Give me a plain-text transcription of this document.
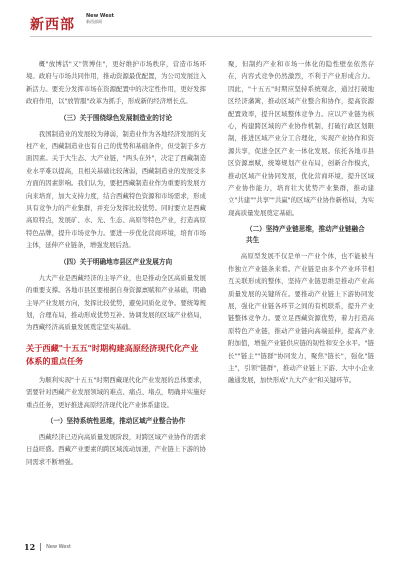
新西部
New West
新西部网

概"放博活"又"管博住"，更好维护市场秩序，营造市场环境。政府与市场共同作用，推动资源最优配置，为公司发展注入新活力。要充分发挥市场在资源配置中的决定性作用，更好发挥政府作用，以"放管服"改革为抓手，形成新的经济增长点。

（三）关于围绕绿色发展制造业的讨论

我国制造业的发展较为薄弱，制造业作为各地经济发展的支柱产业，西藏制造业也有自己的优势和基础条件，但受制于多方面因素。关于大生态、大产业链，"两头在外"，决定了西藏制造业水平难以提高，且相关基础比较薄弱，西藏制造业的发展受多方面的因素影响。我们认为，要把西藏制造业作为重要的发展方向来培育，加大支持力度，结合西藏特色资源和市场需求，形成具有竞争力的产业集群，并充分发挥比较优势。同时要立足西藏高原特点，发展矿、水、光、生态、高原等特色产业，打造高原特色品牌，提升市场竞争力。要进一步优化营商环境，培育市场主体，延伸产业链条，增强发展后劲。

（四）关于明确地市县区产业发展方向

九大产业是西藏经济的主导产业，也是推动全区高质量发展的重要支撑。各地市县区要根据自身资源禀赋和产业基础，明确主导产业发展方向，发挥比较优势，避免同质化竞争。要统筹规划，合理布局，推动形成优势互补、协调发展的区域产业格局，为西藏经济高质量发展奠定坚实基础。

关于西藏"十五五"时期构建高原经济现代化产业体系的重点任务

为顺利实现"十五五"时期西藏现代化产业发展的总体要求，需要针对西藏产业发展领域的难点、痛点、堵点，明确并实施好重点任务，更好推进高原经济现代化产业体系建设。

（一）坚持系统性思维，推动区域产业整合协作

西藏经济已迈向高质量发展阶段，对跨区域产业协作的需求日益旺盛。西藏产业要素的跨区域流动加速，产业链上下游的协同需求不断增强。

聚，但制约产业和市场一体化的隐性壁垒依然存在，内容式竞争仍然激烈，不利于产业形成合力。因此，"十五五"时期应坚持系统观念，通过打破地区经济藩篱，推动区域产业整合和协作，提高资源配置效率，提升区域整体竞争力。应以产业链为核心，构建跨区域的产业协作机制，打破行政区划限制，推进区域产业分工合理化，实现产业协作和资源共享，促进全区产业一体化发展。依托各地市县区资源禀赋，统筹规划产业布局，创新合作模式，推动区域产业协同发展，优化营商环境，提升区域产业协作能力，培育壮大优势产业集群，推动建立"共建""共享""共赢"的区域产业协作新格局，为实现高质量发展奠定基础。

（二）坚持产业链思维，推动产业链融合共生

高原型发展不仅是单一产业个体，也不能被当作独立产业链条来看。产业链是由多个产业环节相互关联形成的整体，坚持产业链思维是推动产业高质量发展的关键所在。要推动产业链上下游协同发展，强化产业链各环节之间的有机联系，提升产业链整体竞争力。要立足西藏资源优势，着力打造高原特色产业链，推动产业链向高端延伸，提高产业附加值，增强产业链供应链的韧性和安全水平。"链长""链主""链群"协同发力，聚焦"链长"，强化"链主"，引领"链群"，推动产业链上下游、大中小企业融通发展，加快形成"九大产业"和关键环节。

12 New West
